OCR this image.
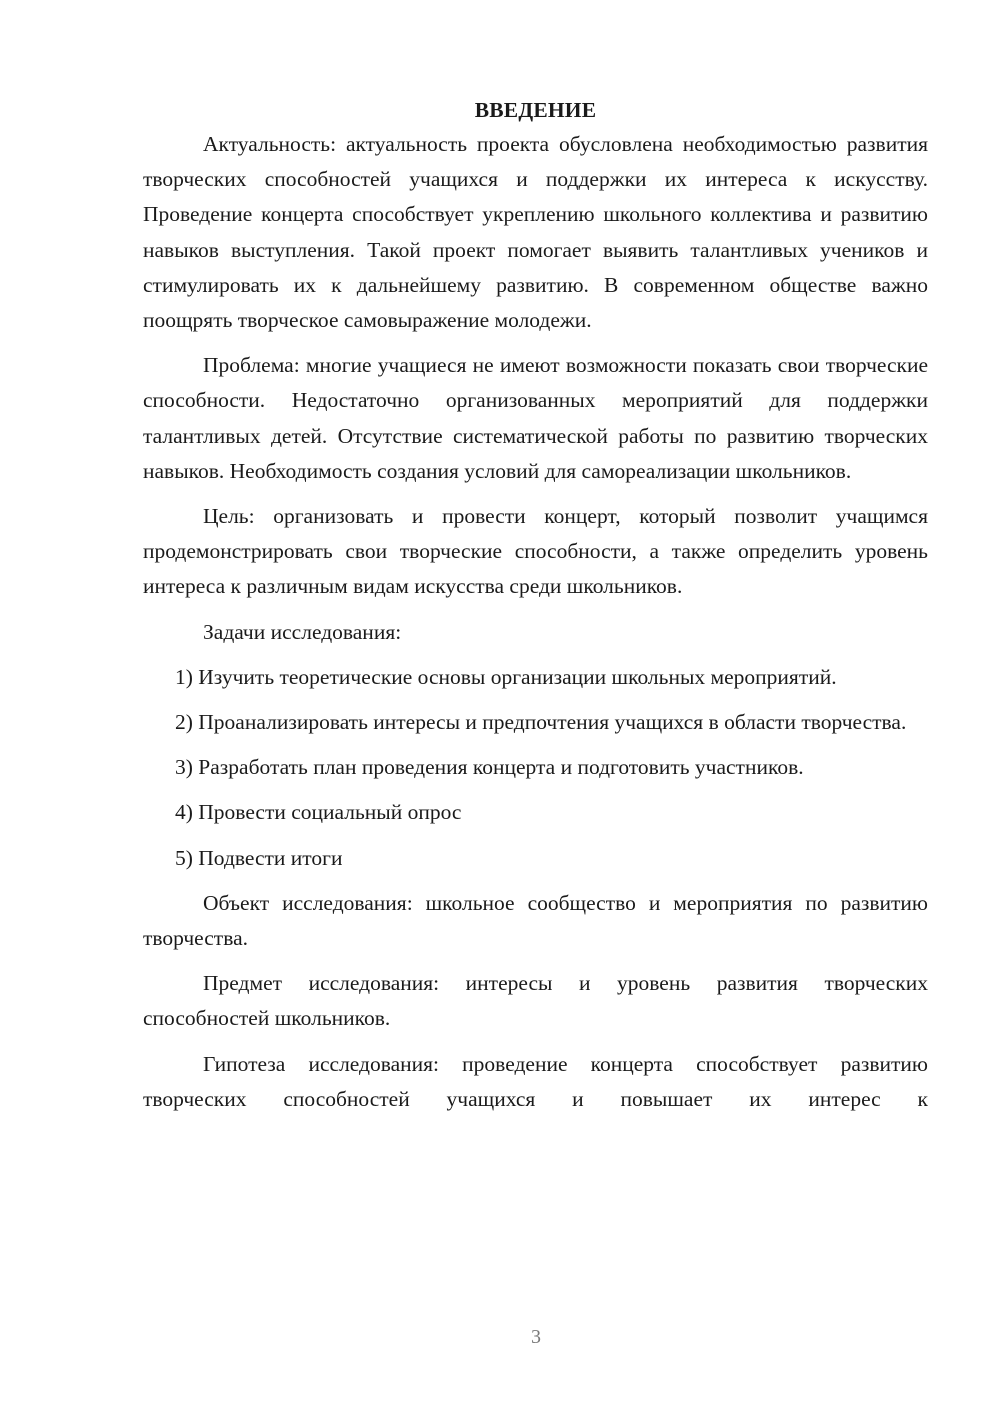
ВВЕДЕНИЕ

Актуальность: актуальность проекта обусловлена необходимостью развития творческих способностей учащихся и поддержки их интереса к искусству. Проведение концерта способствует укреплению школьного коллектива и развитию навыков выступления. Такой проект помогает выявить талантливых учеников и стимулировать их к дальнейшему развитию. В современном обществе важно поощрять творческое самовыражение молодежи.

Проблема: многие учащиеся не имеют возможности показать свои творческие способности. Недостаточно организованных мероприятий для поддержки талантливых детей. Отсутствие систематической работы по развитию творческих навыков. Необходимость создания условий для самореализации школьников.

Цель: организовать и провести концерт, который позволит учащимся продемонстрировать свои творческие способности, а также определить уровень интереса к различным видам искусства среди школьников.

Задачи исследования:

1) Изучить теоретические основы организации школьных мероприятий.

2) Проанализировать интересы и предпочтения учащихся в области творчества.

3) Разработать план проведения концерта и подготовить участников.

4) Провести социальный опрос

5) Подвести итоги

Объект исследования: школьное сообщество и мероприятия по развитию творчества.

Предмет исследования: интересы и уровень развития творческих способностей школьников.

Гипотеза исследования: проведение концерта способствует развитию творческих способностей учащихся и повышает их интерес к

3
